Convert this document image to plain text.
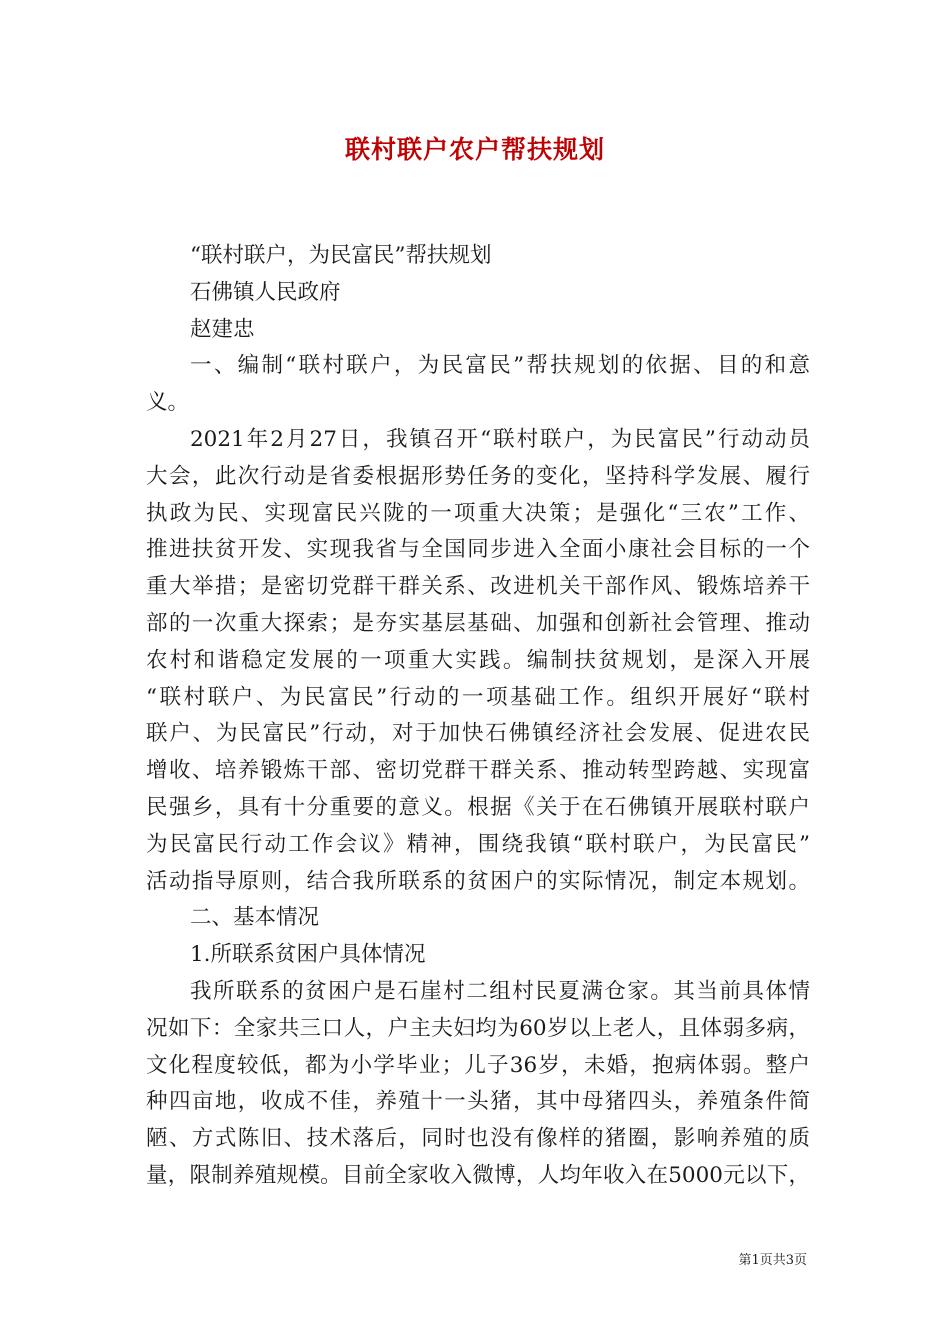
联村联户农户帮扶规划
“联村联户，为民富民”帮扶规划
石佛镇人民政府
赵建忠
一、编制“联村联户，为民富民”帮扶规划的依据、目的和意
义。
2021年2月27日，我镇召开“联村联户，为民富民”行动动员
大会，此次行动是省委根据形势任务的变化，坚持科学发展、履行
执政为民、实现富民兴陇的一项重大决策；是强化“三农”工作、
推进扶贫开发、实现我省与全国同步进入全面小康社会目标的一个
重大举措；是密切党群干群关系、改进机关干部作风、锻炼培养干
部的一次重大探索；是夯实基层基础、加强和创新社会管理、推动
农村和谐稳定发展的一项重大实践。编制扶贫规划，是深入开展
“联村联户、为民富民”行动的一项基础工作。组织开展好“联村
联户、为民富民”行动，对于加快石佛镇经济社会发展、促进农民
增收、培养锻炼干部、密切党群干群关系、推动转型跨越、实现富
民强乡，具有十分重要的意义。根据《关于在石佛镇开展联村联户
为民富民行动工作会议》精神，围绕我镇“联村联户，为民富民”
活动指导原则，结合我所联系的贫困户的实际情况，制定本规划。
二、基本情况
1.所联系贫困户具体情况
我所联系的贫困户是石崖村二组村民夏满仓家。其当前具体情
况如下：全家共三口人，户主夫妇均为60岁以上老人，且体弱多病，
文化程度较低，都为小学毕业；儿子36岁，未婚，抱病体弱。整户
种四亩地，收成不佳，养殖十一头猪，其中母猪四头，养殖条件简
陋、方式陈旧、技术落后，同时也没有像样的猪圈，影响养殖的质
量，限制养殖规模。目前全家收入微博，人均年收入在5000元以下，
第1页共3页
